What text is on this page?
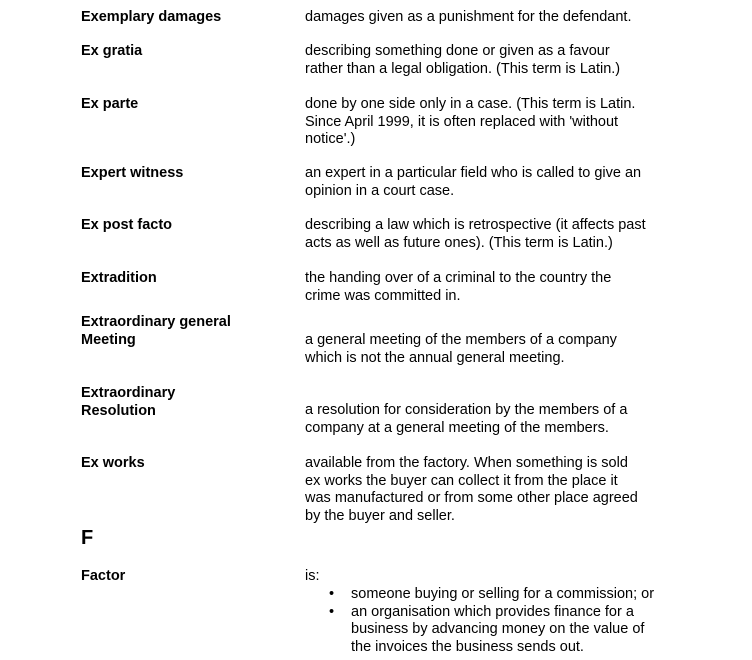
Exemplary damages	damages given as a punishment for the defendant.
Ex gratia	describing something done or given as a favour
rather than a legal obligation. (This term is Latin.)
Ex parte	done by one side only in a case. (This term is Latin.
Since April 1999, it is often replaced with 'without
notice'.)
Expert witness	an expert in a particular field who is called to give an
opinion in a court case.
Ex post facto	describing a law which is retrospective (it affects past
acts as well as future ones). (This term is Latin.)
Extradition	the handing over of a criminal to the country the
crime was committed in.
Extraordinary general
Meeting	a general meeting of the members of a company
which is not the annual general meeting.
Extraordinary
Resolution	a resolution for consideration by the members of a
company at a general meeting of the members.
Ex works	available from the factory. When something is sold
ex works the buyer can collect it from the place it
was manufactured or from some other place agreed
by the buyer and seller.
F
Factor	is:
• someone buying or selling for a commission; or
• an organisation which provides finance for a
business by advancing money on the value of
the invoices the business sends out.
